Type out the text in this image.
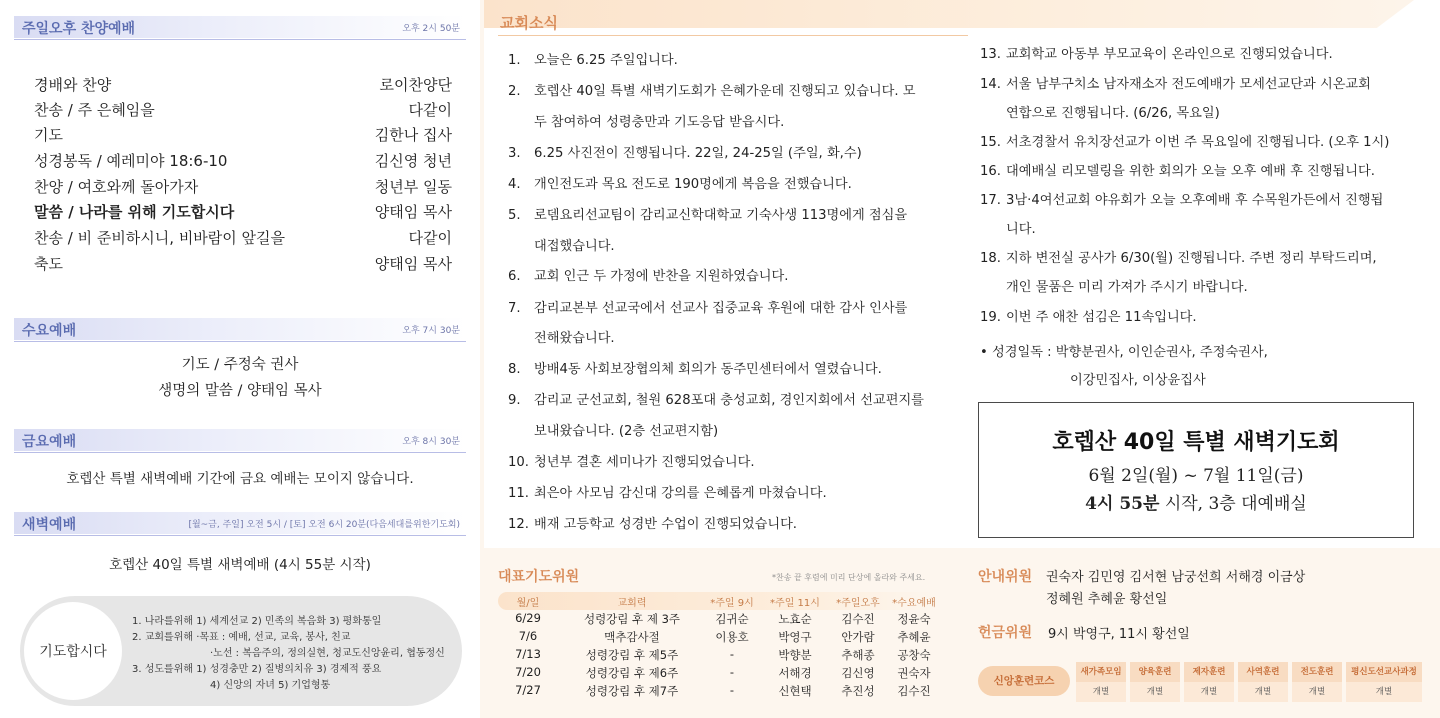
주일오후 찬양예배	오후 2시 50분
경배와 찬양	로이찬양단
찬송 / 주 은혜임을	다같이
기도	김한나 집사
성경봉독 / 예레미야 18:6-10	김신영 청년
찬양 / 여호와께 돌아가자	청년부 일동
말씀 / 나라를 위해 기도합시다	양태임 목사
찬송 / 비 준비하시니, 비바람이 앞길을	다같이
축도	양태임 목사
수요예배	오후 7시 30분
기도 / 주정숙 권사
생명의 말씀 / 양태임 목사
금요예배	오후 8시 30분
호렙산 특별 새벽예배 기간에 금요 예배는 모이지 않습니다.
새벽예배	[월~금, 주일] 오전 5시 / [토] 오전 6시 20분(다음세대를위한기도회)
호렙산 40일 특별 새벽예배 (4시 55분 시작)
기도합시다
1. 나라를위해 1) 세계선교 2) 민족의 복음화 3) 평화통일
2. 교회를위해 ·목표 : 예배, 선교, 교육, 봉사, 친교
·노선 : 복음주의, 정의실현, 청교도신앙윤리, 협동정신
3. 성도를위해 1) 성경충만 2) 질병의치유 3) 경제적 풍요
4) 신앙의 자녀 5) 기업형통
교회소식
1. 오늘은 6.25 주일입니다.
2. 호렙산 40일 특별 새벽기도회가 은혜가운데 진행되고 있습니다. 모
두 참여하여 성령충만과 기도응답 받읍시다.
3. 6.25 사진전이 진행됩니다. 22일, 24-25일 (주일, 화,수)
4. 개인전도과 목요 전도로 190명에게 복음을 전했습니다.
5. 로뎀요리선교팀이 감리교신학대학교 기숙사생 113명에게 점심을
대접했습니다.
6. 교회 인근 두 가정에 반찬을 지원하였습니다.
7. 감리교본부 선교국에서 선교사 집중교육 후원에 대한 감사 인사를
전해왔습니다.
8. 방배4동 사회보장협의체 회의가 동주민센터에서 열렸습니다.
9. 감리교 군선교회, 철원 628포대 충성교회, 경인지회에서 선교편지를
보내왔습니다. (2층 선교편지함)
10. 청년부 결혼 세미나가 진행되었습니다.
11. 최은아 사모님 감신대 강의를 은혜롭게 마쳤습니다.
12. 배재 고등학교 성경반 수업이 진행되었습니다.
13. 교회학교 아동부 부모교육이 온라인으로 진행되었습니다.
14. 서울 남부구치소 남자재소자 전도예배가 모세선교단과 시온교회
연합으로 진행됩니다. (6/26, 목요일)
15. 서초경찰서 유치장선교가 이번 주 목요일에 진행됩니다. (오후 1시)
16. 대예배실 리모델링을 위한 회의가 오늘 오후 예배 후 진행됩니다.
17. 3남·4여선교회 야유회가 오늘 오후예배 후 수목원가든에서 진행됩
니다.
18. 지하 변전실 공사가 6/30(월) 진행됩니다. 주변 정리 부탁드리며,
개인 물품은 미리 가져가 주시기 바랍니다.
19. 이번 주 애찬 섬김은 11속입니다.
• 성경일독 : 박향분권사, 이인순권사, 주정숙권사,
이강민집사, 이상윤집사
호렙산 40일 특별 새벽기도회
6월 2일(월) ~ 7월 11일(금)
4시 55분 시작, 3층 대예배실
대표기도위원	*찬송 끝 후렴에 미리 단상에 올라와 주세요.
월/일	교회력	*주일 9시	*주일 11시	*주일오후	*수요예배
6/29	성령강림 후 제 3주	김귀순	노효순	김수진	정윤숙
7/6	맥추감사절	이용호	박영구	안가람	추혜윤
7/13	성령강림 후 제5주	-	박향분	추해종	공창숙
7/20	성령강림 후 제6주	-	서해경	김신영	권숙자
7/27	성령강림 후 제7주	-	신현택	추진성	김수진
안내위원 권숙자 김민영 김서현 남궁선희 서해경 이금상
정혜원 추혜윤 황선일
헌금위원 9시 박영구, 11시 황선일
신앙훈련코스
새가족모임
개별
양육훈련
개별
제자훈련
개별
사역훈련
개별
전도훈련
개별
평신도선교사과정
개별
